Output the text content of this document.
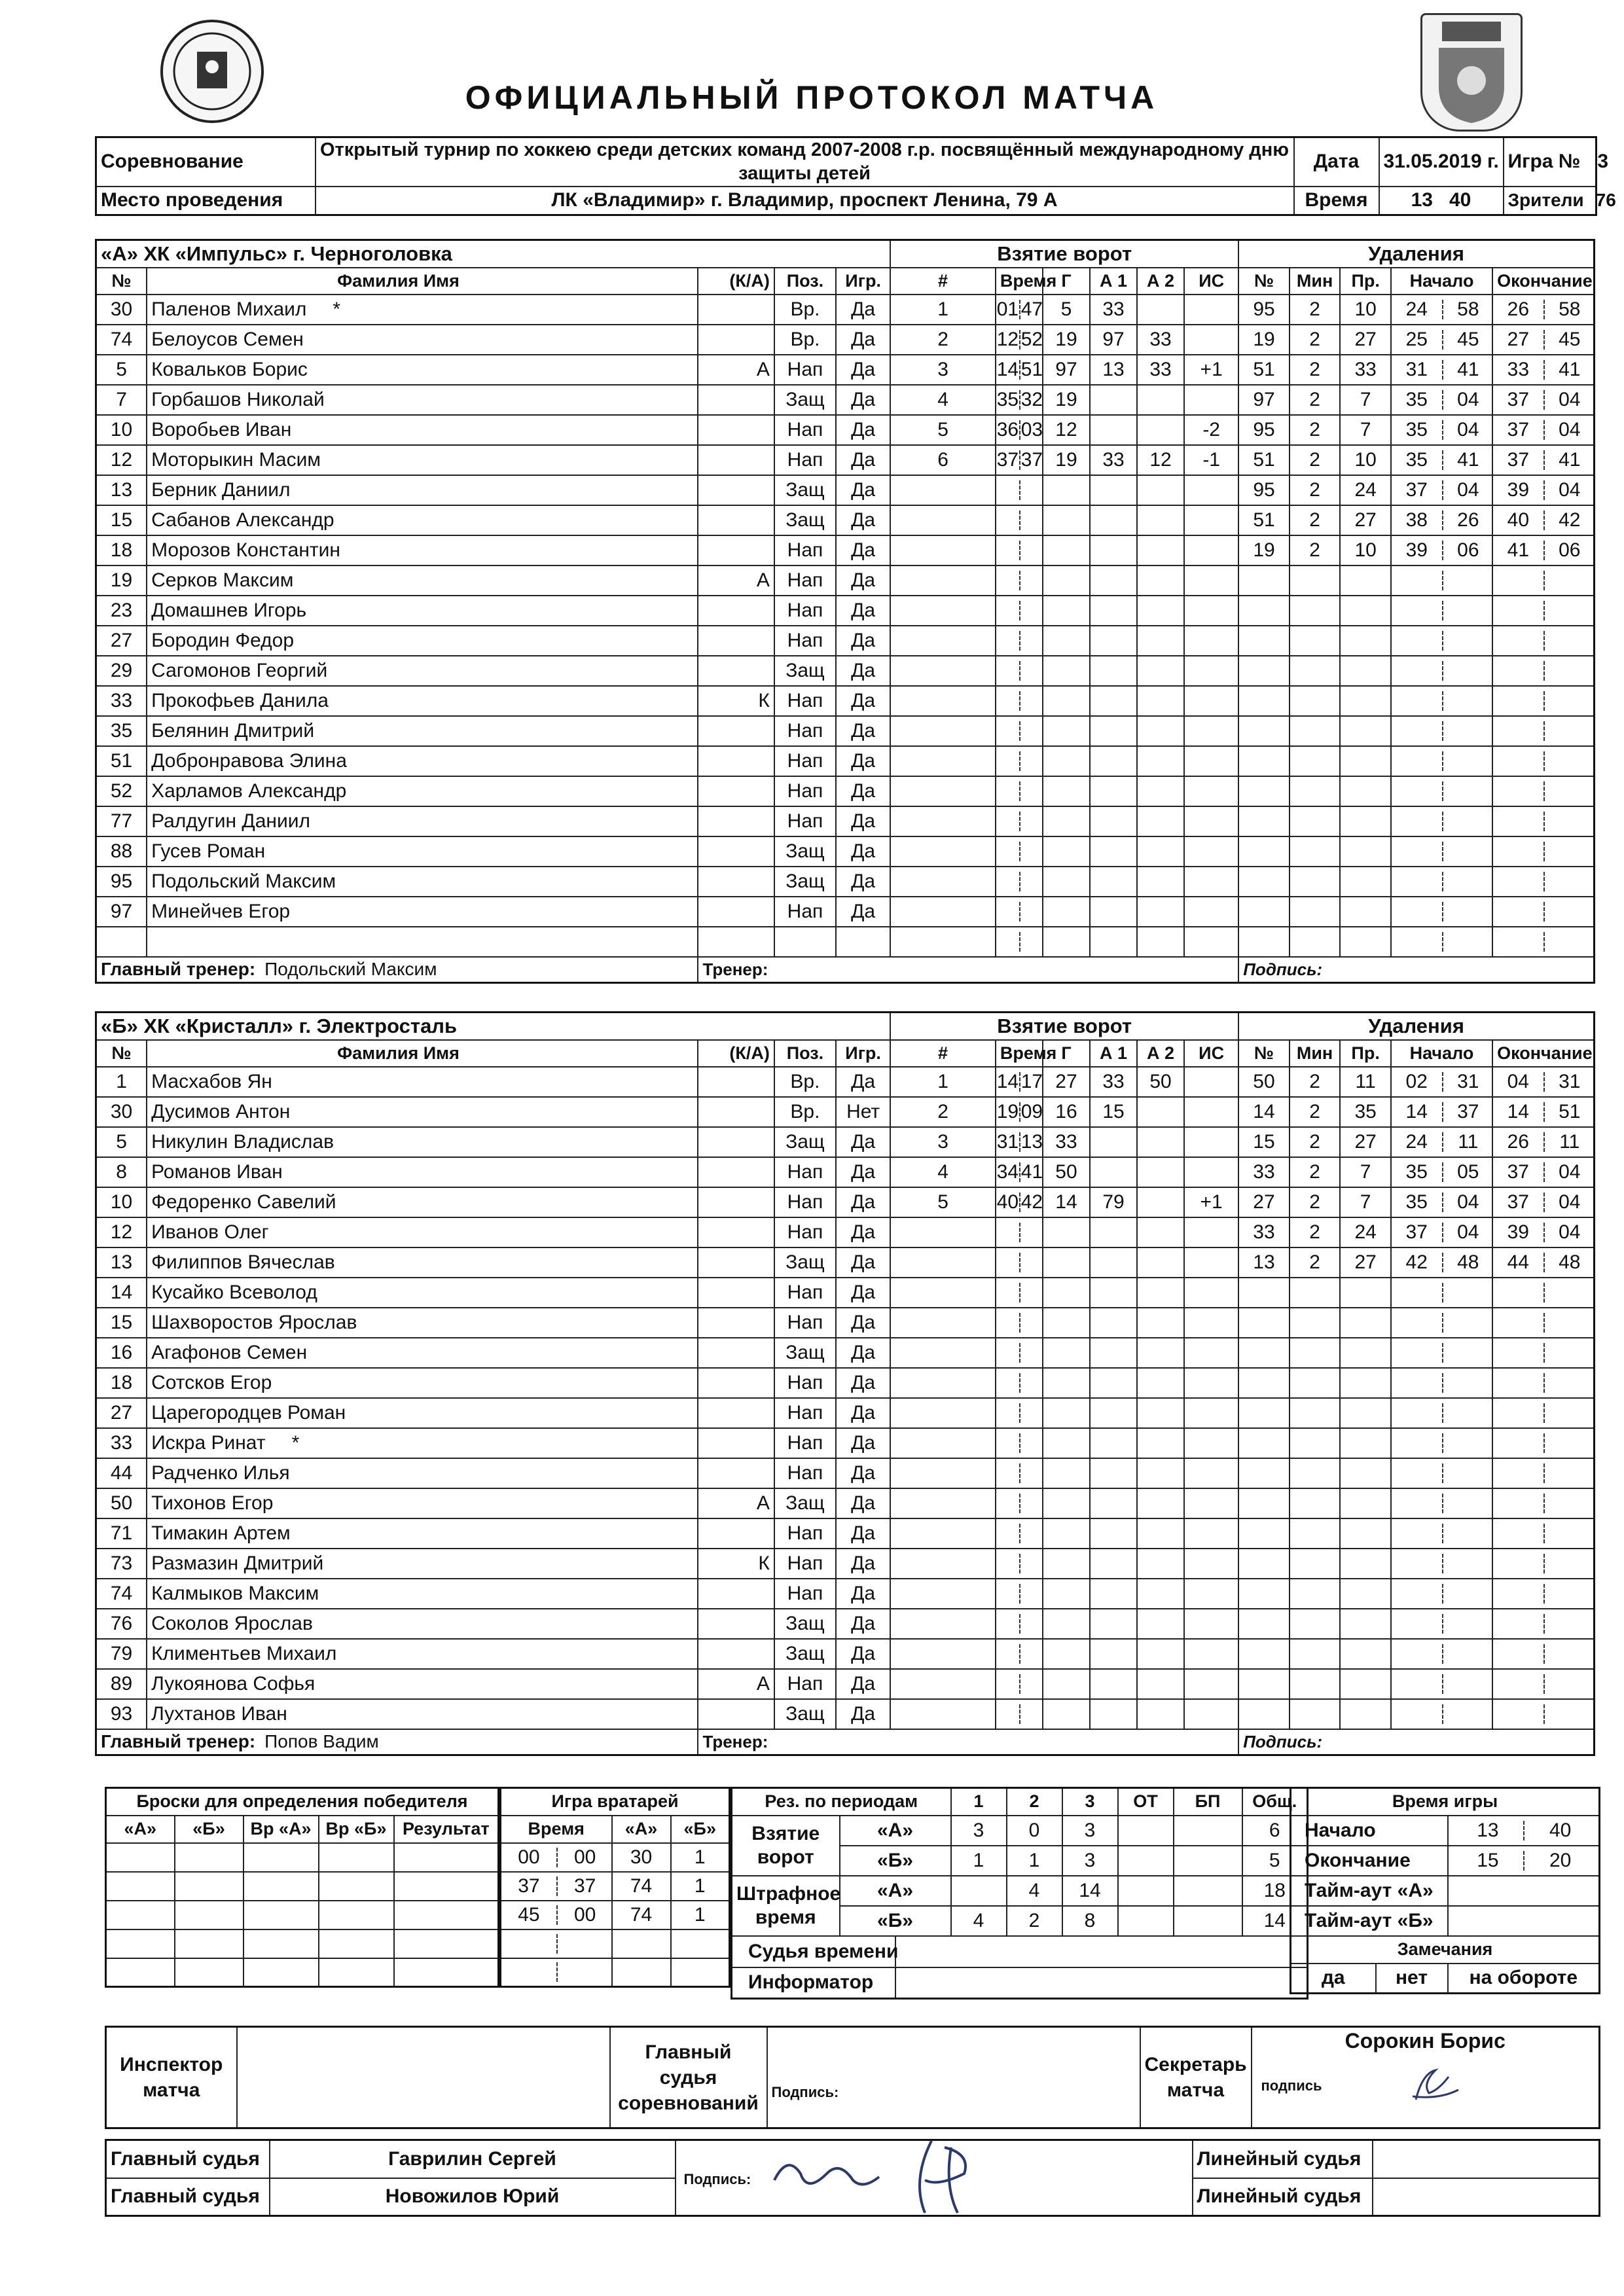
ОФИЦИАЛЬНЫЙ ПРОТОКОЛ МАТЧА
Соревнование	Открытый турнир по хоккею среди детских команд 2007-2008 г.р. посвящённый международному дню защиты детей	Дата	31.05.2019 г.	Игра № 3
Место проведения	ЛК «Владимир» г. Владимир, проспект Ленина, 79 А	Время	13 40	Зрители 76
«А» ХК «Импульс» г. Черноголовка					Взятие ворот						Удаления				
№	Фамилия Имя	(К/А)	Поз.	Игр.	#	Время	Г	А 1	А 2	ИС	№	Мин	Пр.	Начало	Окончание
30	Паленов Михаил *		Вр.	Да	1	01 47	5	33			95	2	10	24 58	26 58
74	Белоусов Семен		Вр.	Да	2	12 52	19	97	33		19	2	27	25 45	27 45
5	Ковальков Борис	А	Нап	Да	3	14 51	97	13	33	+1	51	2	33	31 41	33 41
7	Горбашов Николай		Защ	Да	4	35 32	19				97	2	7	35 04	37 04
10	Воробьев Иван		Нап	Да	5	36 03	12			-2	95	2	7	35 04	37 04
12	Моторыкин Масим		Нап	Да	6	37 37	19	33	12	-1	51	2	10	35 41	37 41
13	Берник Даниил		Защ	Да							95	2	24	37 04	39 04
15	Сабанов Александр		Защ	Да							51	2	27	38 26	40 42
18	Морозов Константин		Нап	Да							19	2	10	39 06	41 06
19	Серков Максим	А	Нап	Да											
23	Домашнев Игорь		Нап	Да											
27	Бородин Федор		Нап	Да											
29	Сагомонов Георгий		Защ	Да											
33	Прокофьев Данила	К	Нап	Да											
35	Белянин Дмитрий		Нап	Да											
51	Добронравова Элина		Нап	Да											
52	Харламов Александр		Нап	Да											
77	Ралдугин Даниил		Нап	Да											
88	Гусев Роман		Защ	Да											
95	Подольский Максим		Защ	Да											
97	Минейчев Егор		Нап	Да											

Главный тренер: Подольский Максим		Тренер:									Подпись:				
«Б» ХК «Кристалл» г. Электросталь					Взятие ворот						Удаления				
№	Фамилия Имя	(К/А)	Поз.	Игр.	#	Время	Г	А 1	А 2	ИС	№	Мин	Пр.	Начало	Окончание
1	Масхабов Ян		Вр.	Да	1	14 17	27	33	50		50	2	11	02 31	04 31
30	Дусимов Антон		Вр.	Нет	2	19 09	16	15			14	2	35	14 37	14 51
5	Никулин Владислав		Защ	Да	3	31 13	33				15	2	27	24 11	26 11
8	Романов Иван		Нап	Да	4	34 41	50				33	2	7	35 05	37 04
10	Федоренко Савелий		Нап	Да	5	40 42	14	79		+1	27	2	7	35 04	37 04
12	Иванов Олег		Нап	Да							33	2	24	37 04	39 04
13	Филиппов Вячеслав		Защ	Да							13	2	27	42 48	44 48
14	Кусайко Всеволод		Нап	Да											
15	Шахворостов Ярослав		Нап	Да											
16	Агафонов Семен		Защ	Да											
18	Сотсков Егор		Нап	Да											
27	Царегородцев Роман		Нап	Да											
33	Искра Ринат *		Нап	Да											
44	Радченко Илья		Нап	Да											
50	Тихонов Егор	А	Защ	Да											
71	Тимакин Артем		Нап	Да											
73	Размазин Дмитрий	К	Нап	Да											
74	Калмыков Максим		Нап	Да											
76	Соколов Ярослав		Защ	Да											
79	Климентьев Михаил		Защ	Да											
89	Лукоянова Софья	А	Нап	Да											
93	Лухтанов Иван		Защ	Да											
Главный тренер: Попов Вадим		Тренер:									Подпись:				
Броски для определения победителя				
«А»	«Б»	Вр «А»	Вр «Б»	Результат

Игра вратарей		
Время	«А»	«Б»
00 00	30	1
37 37	74	1
45 00	74	1

Рез. по периодам			1	2	3	ОТ	БП	Общ.
Взятие ворот	«А»		3	0	3			6
	«Б»		1	1	3			5
Штрафное время	«А»			4	14			18
	«Б»		4	2	8			14
Судья времени								
Информатор								
Время игры		
Начало		13 40
Окончание		15 20
Тайм-аут «А»		
Тайм-аут «Б»		
Замечания		
да	нет	на обороте
Инспектор матча		Главный судья соревнований	Подпись:	Секретарь матча	
Сорокин Борис
подпись
Главный судья	Гаврилин Сергей	Подпись:	Линейный судья	
Главный судья	Новожилов Юрий		Линейный судья	
